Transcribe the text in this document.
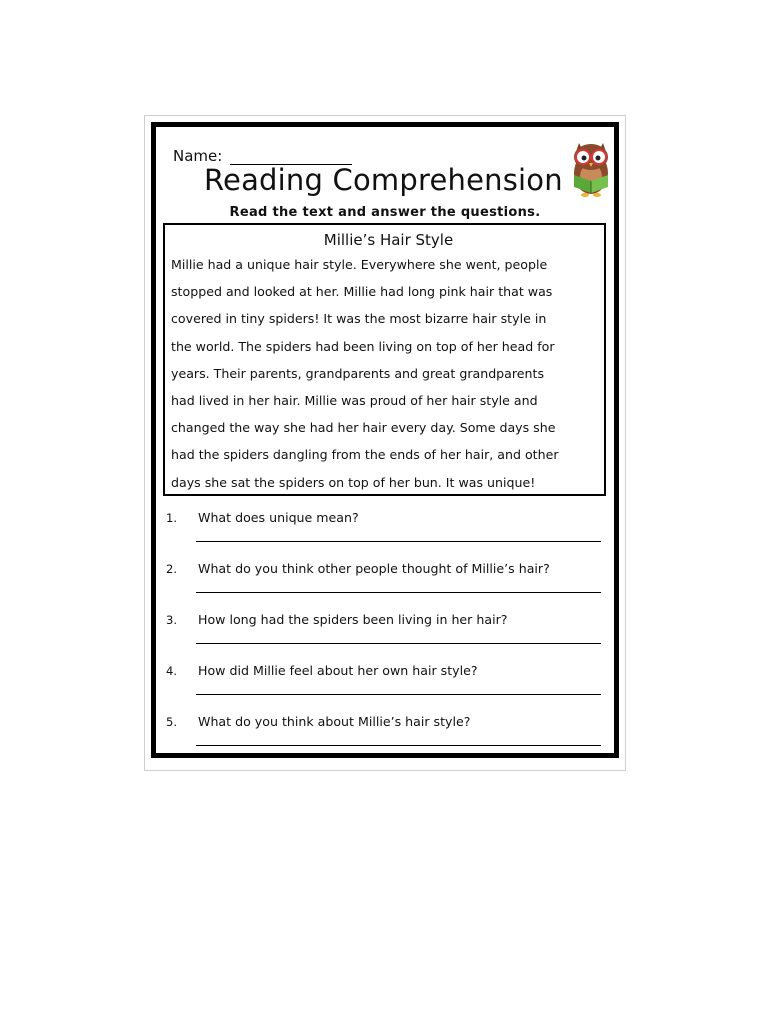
Name:
Reading Comprehension
Read the text and answer the questions.
Millie’s Hair Style

Millie had a unique hair style. Everywhere she went, people

stopped and looked at her. Millie had long pink hair that was

covered in tiny spiders! It was the most bizarre hair style in

the world. The spiders had been living on top of her head for

years. Their parents, grandparents and great grandparents

had lived in her hair. Millie was proud of her hair style and

changed the way she had her hair every day. Some days she

had the spiders dangling from the ends of her hair, and other

days she sat the spiders on top of her bun. It was unique!

1. What does unique mean?
2. What do you think other people thought of Millie’s hair?
3. How long had the spiders been living in her hair?
4. How did Millie feel about her own hair style?
5. What do you think about Millie’s hair style?
